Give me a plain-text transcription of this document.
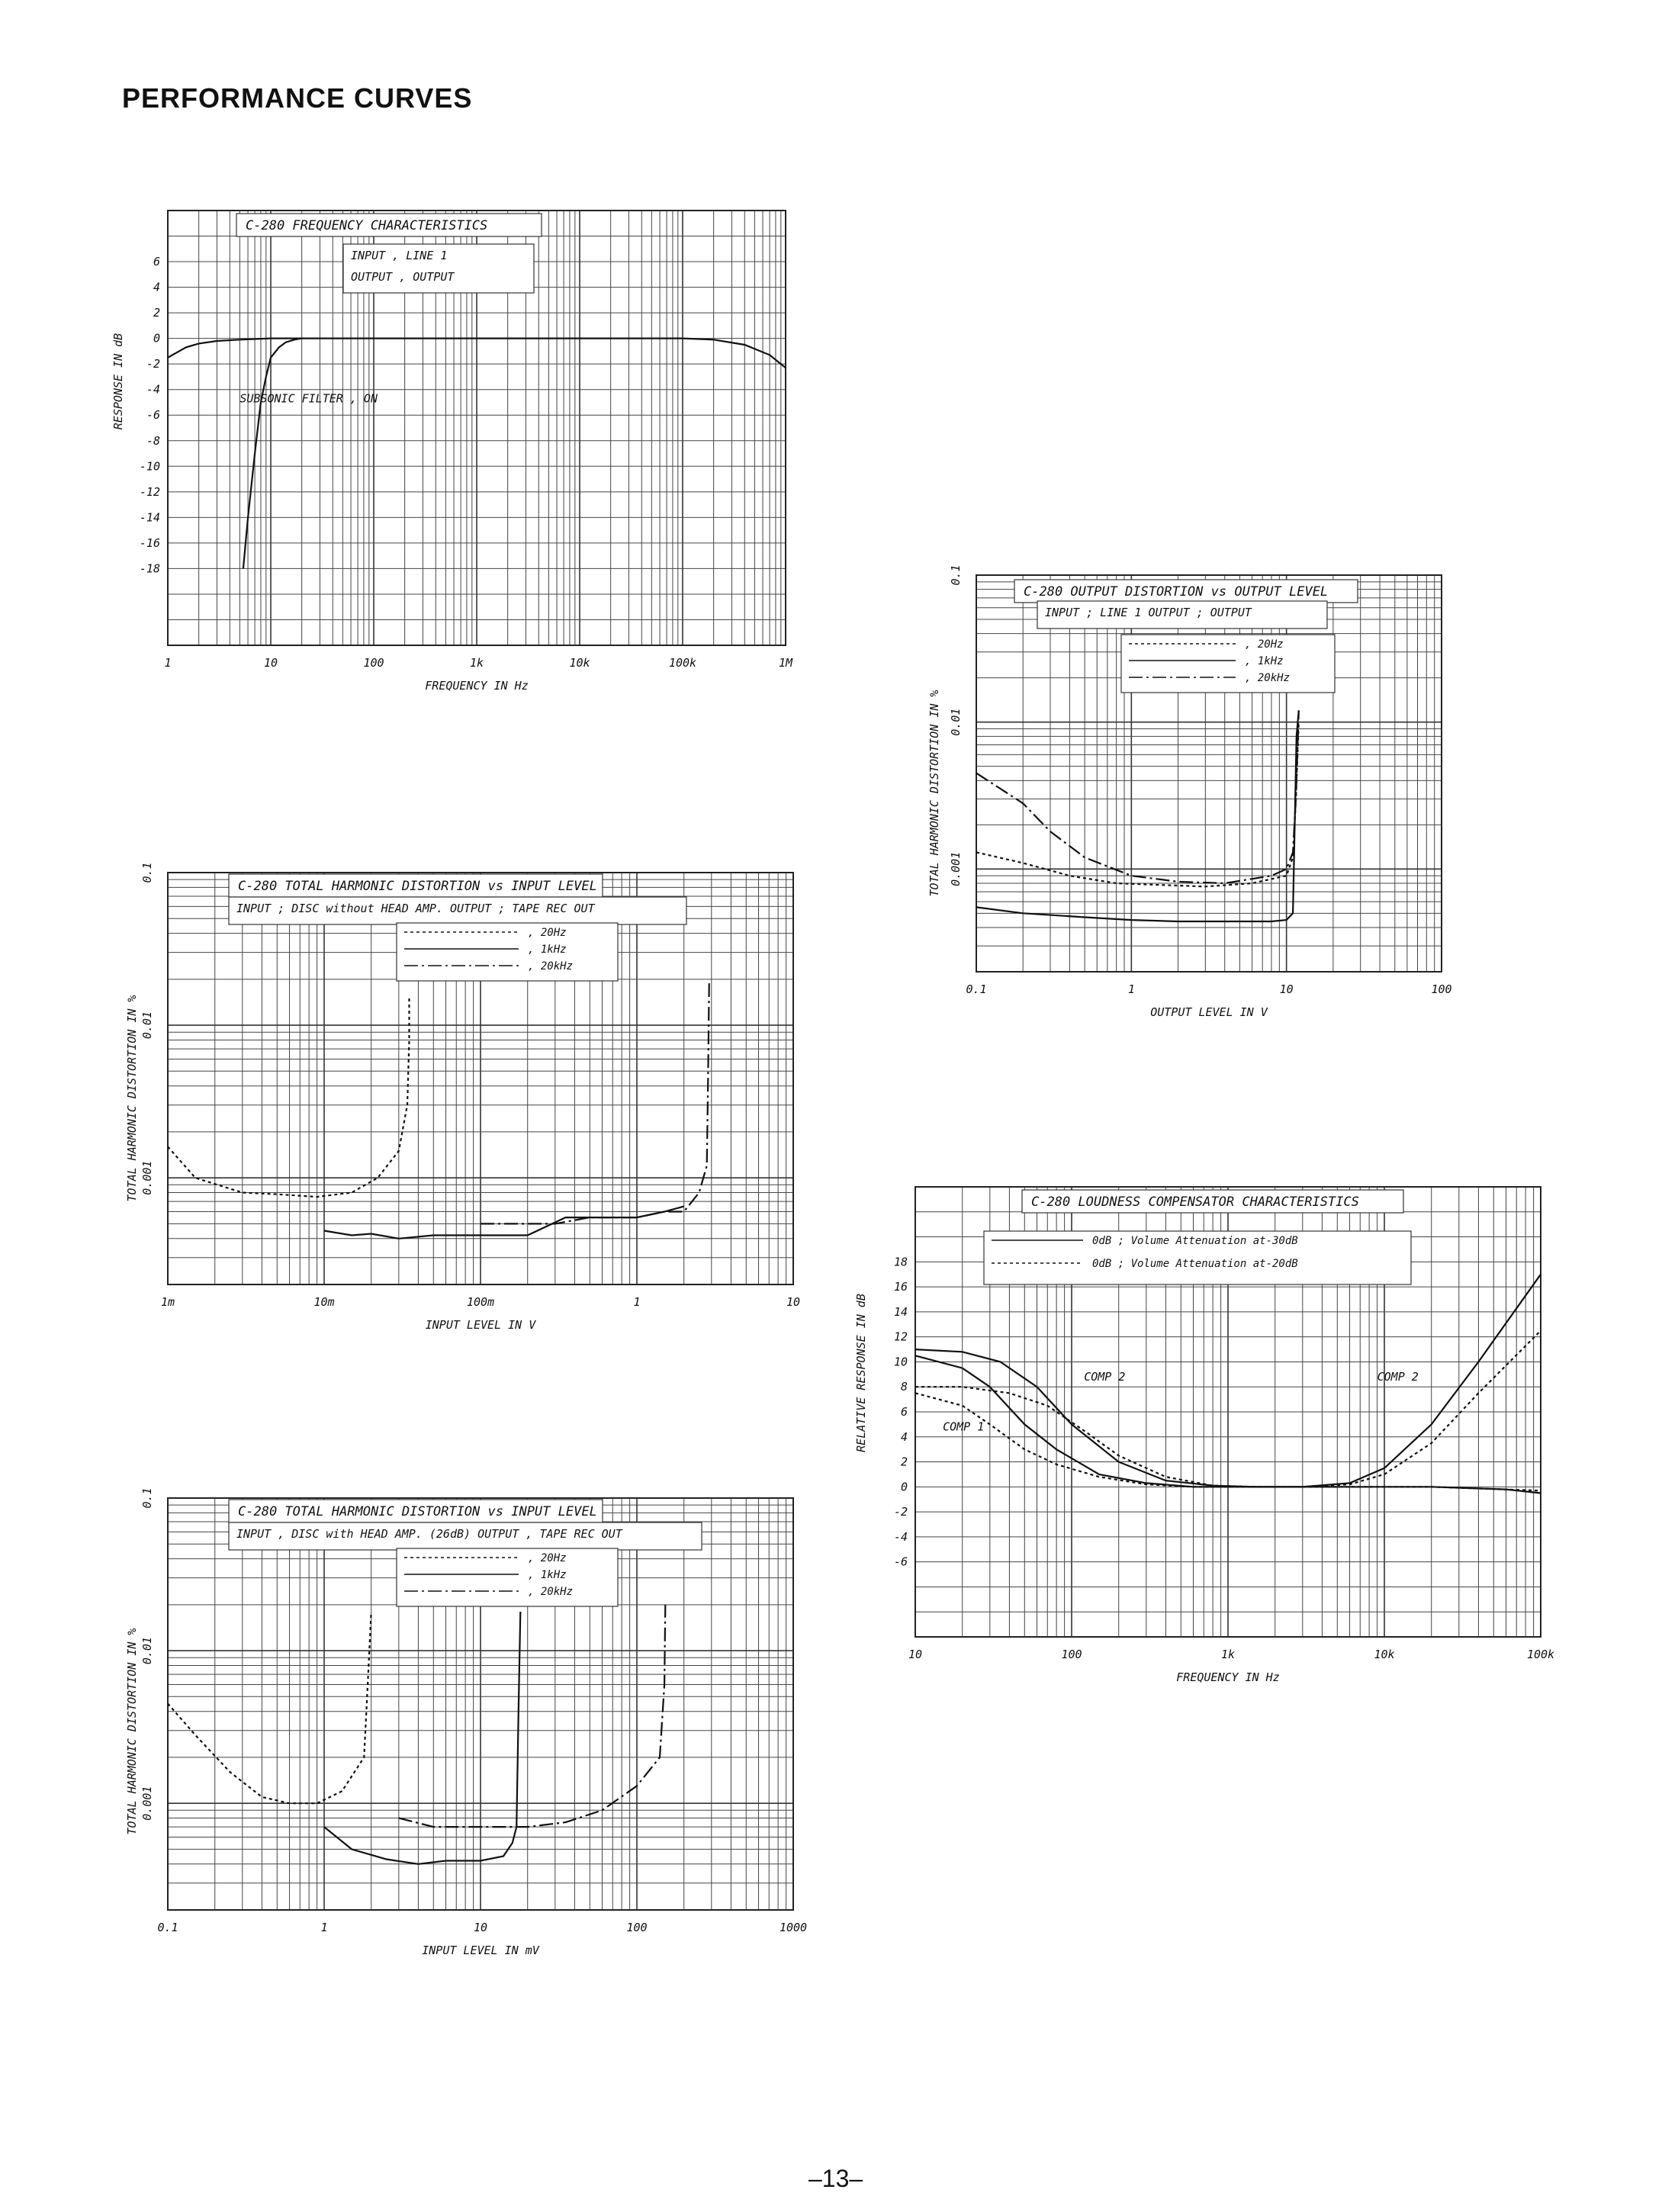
PERFORMANCE CURVES
1	10	100	1k	10k	100k	1M
6
4
2
0
-2
-4
-6
-8
-10
-12
-14
-16
-18
FREQUENCY IN Hz
RESPONSE IN dB
C-280 FREQUENCY CHARACTERISTICS
INPUT , LINE 1
OUTPUT , OUTPUT
SUBSONIC FILTER , ON
0.1	1	10	100
0.1
0.01
0.001
OUTPUT LEVEL IN V
TOTAL HARMONIC DISTORTION IN %
C-280 OUTPUT DISTORTION vs OUTPUT LEVEL
INPUT ; LINE 1 OUTPUT ; OUTPUT
, 20Hz
, 1kHz
, 20kHz
1m	10m	100m	1	10
0.1
0.01
0.001
INPUT LEVEL IN V
TOTAL HARMONIC DISTORTION IN %
C-280 TOTAL HARMONIC DISTORTION vs INPUT LEVEL
INPUT ; DISC without HEAD AMP. OUTPUT ; TAPE REC OUT
, 20Hz
, 1kHz
, 20kHz
0.1	1	10	100	1000
0.1
0.01
0.001
INPUT LEVEL IN mV
TOTAL HARMONIC DISTORTION IN %
C-280 TOTAL HARMONIC DISTORTION vs INPUT LEVEL
INPUT , DISC with HEAD AMP. (26dB) OUTPUT , TAPE REC OUT
, 20Hz
, 1kHz
, 20kHz
10	100	1k	10k	100k
18
16
14
12
10
8
6
4
2
0
-2
-4
-6
FREQUENCY IN Hz
RELATIVE RESPONSE IN dB
C-280 LOUDNESS COMPENSATOR CHARACTERISTICS
0dB ; Volume Attenuation at-30dB
0dB ; Volume Attenuation at-20dB
COMP 2
COMP 1
COMP 2
–13–
